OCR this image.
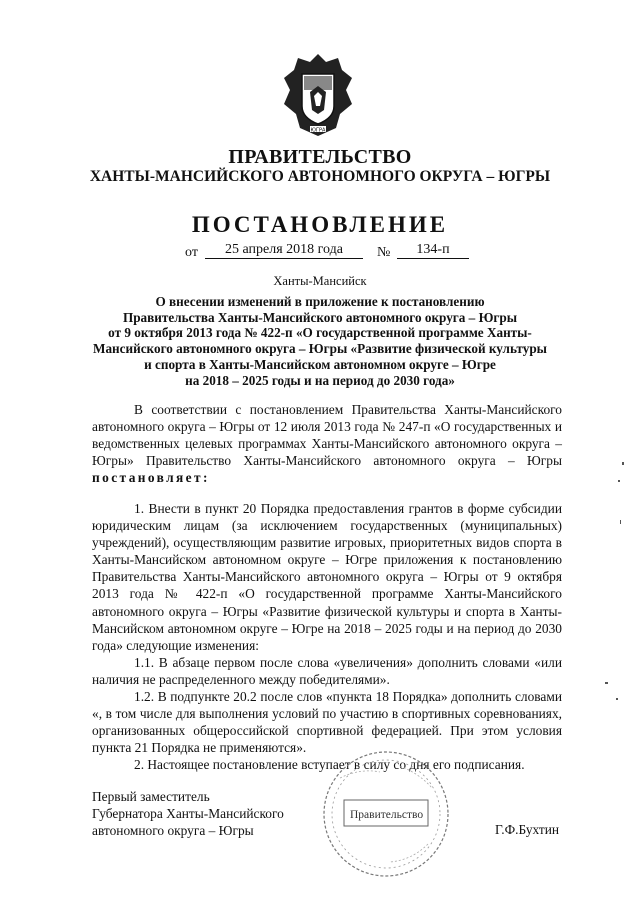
ЮГРА
ПРАВИТЕЛЬСТВО
ХАНТЫ-МАНСИЙСКОГО АВТОНОМНОГО ОКРУГА – ЮГРЫ
ПОСТАНОВЛЕНИЕ
от	25 апреля 2018 года	№	134-п
Ханты-Мансийск
О внесении изменений в приложение к постановлению
Правительства Ханты-Мансийского автономного округа – Югры
от 9 октября 2013 года № 422-п «О государственной программе Ханты-
Мансийского автономного округа – Югры «Развитие физической культуры
и спорта в Ханты-Мансийском автономном округе – Югре
на 2018 – 2025 годы и на период до 2030 года»

В соответствии с постановлением Правительства Ханты-Мансийского автономного округа – Югры от 12 июля 2013 года № 247-п «О государственных и ведомственных целевых программах Ханты-Мансийского автономного округа – Югры» Правительство Ханты-Мансийского автономного округа – Югры постановляет:

1. Внести в пункт 20 Порядка предоставления грантов в форме субсидии юридическим лицам (за исключением государственных (муниципальных) учреждений), осуществляющим развитие игровых, приоритетных видов спорта в Ханты-Мансийском автономном округе – Югре приложения к постановлению Правительства Ханты-Мансийского автономного округа – Югры от 9 октября 2013 года № 422-п «О государственной программе Ханты-Мансийского автономного округа – Югры «Развитие физической культуры и спорта в Ханты-Мансийском автономном округе – Югре на 2018 – 2025 годы и на период до 2030 года» следующие изменения:

1.1. В абзаце первом после слова «увеличения» дополнить словами «или наличия не распределенного между победителями».

1.2. В подпункте 20.2 после слов «пункта 18 Порядка» дополнить словами «, в том числе для выполнения условий по участию в спортивных соревнованиях, организованных общероссийской спортивной федерацией. При этом условия пункта 21 Порядка не применяются».

2. Настоящее постановление вступает в силу со дня его подписания.

Первый заместитель
Губернатора Ханты-Мансийского
автономного округа – Югры
Правительство
Г.Ф.Бухтин
